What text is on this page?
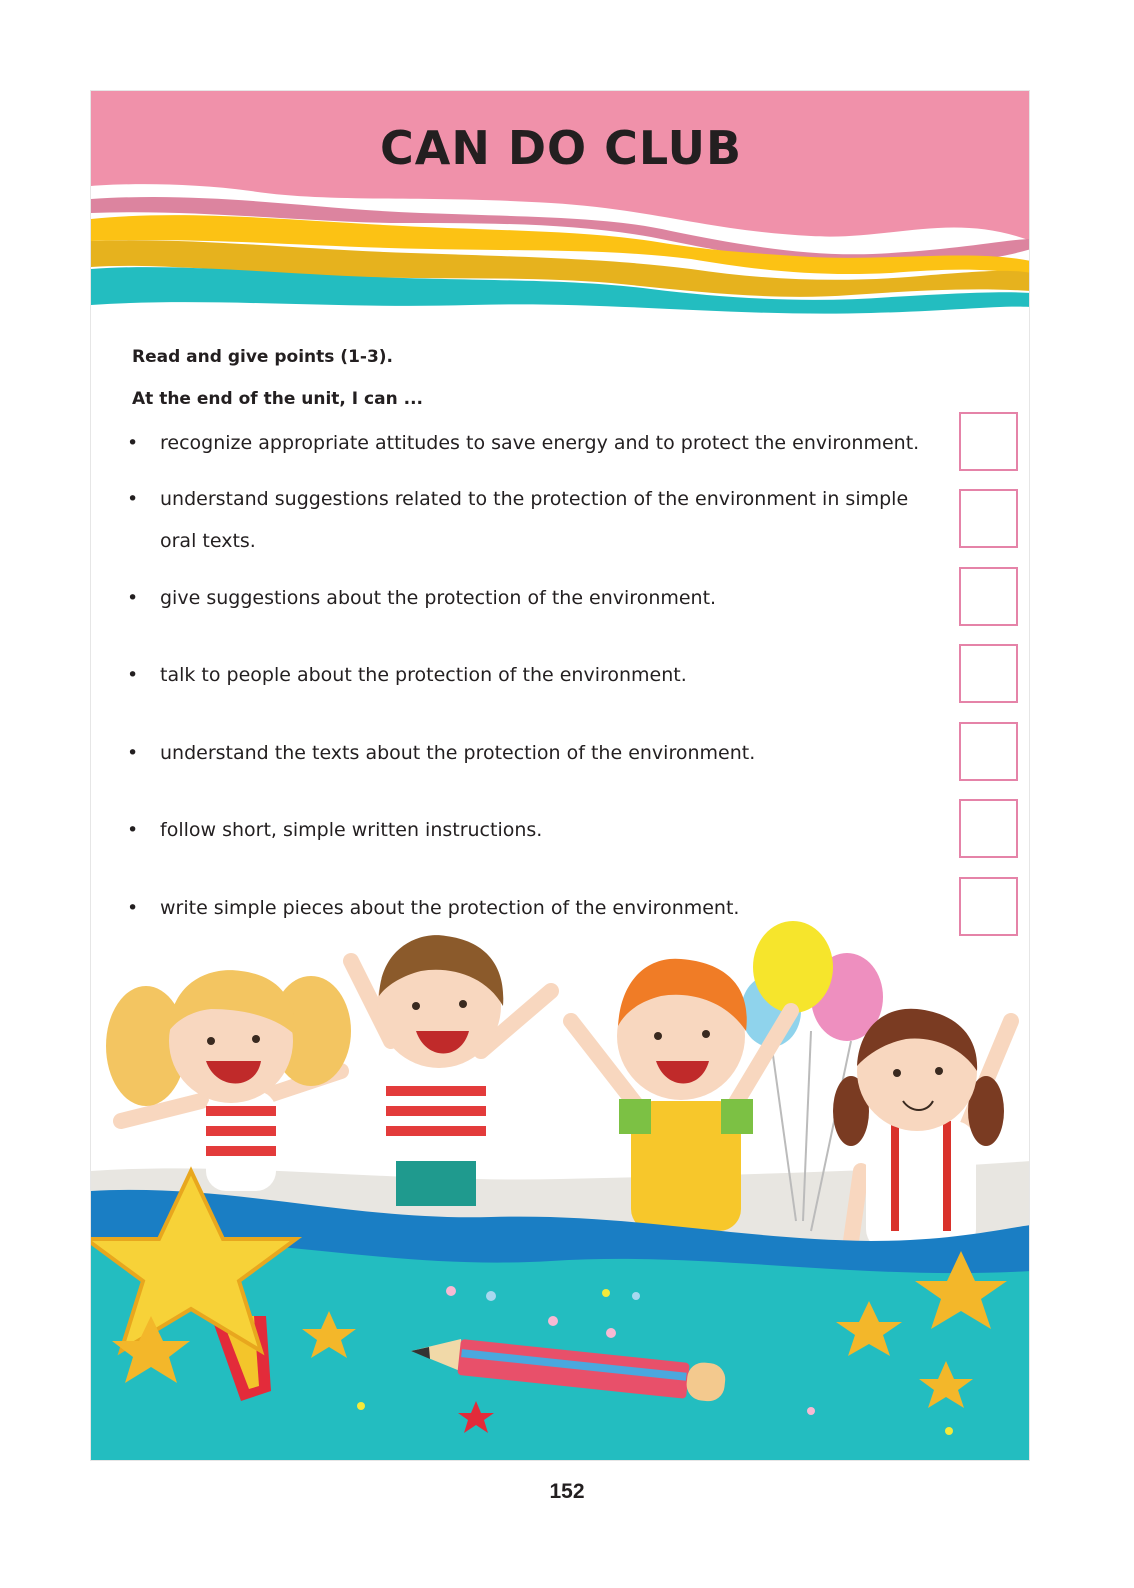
CAN DO CLUB
Read and give points (1-3).
At the end of the unit, I can ...
• recognize appropriate attitudes to save energy and to protect the environment.
• understand suggestions related to the protection of the environment in simple oral texts.
• give suggestions about the protection of the environment.
• talk to people about the protection of the environment.
• understand the texts about the protection of the environment.
• follow short, simple written instructions.
• write simple pieces about the protection of the environment.
152
